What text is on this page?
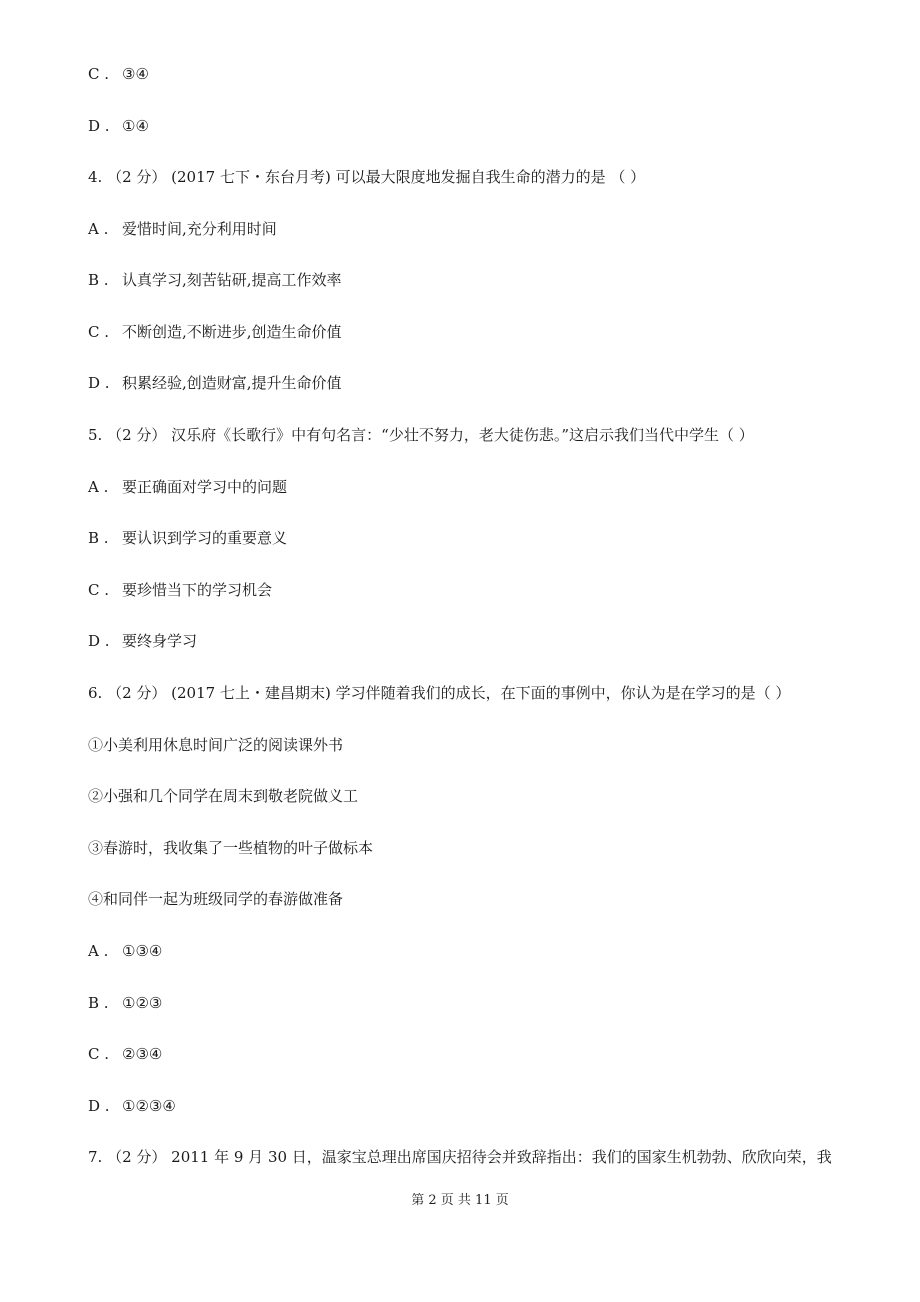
C . ③④
D . ①④
4. （2 分） (2017 七下・东台月考) 可以最大限度地发掘自我生命的潜力的是 （ ）
A . 爱惜时间,充分利用时间
B . 认真学习,刻苦钻研,提高工作效率
C . 不断创造,不断进步,创造生命价值
D . 积累经验,创造财富,提升生命价值
5. （2 分） 汉乐府《长歌行》中有句名言：“少壮不努力，老大徒伤悲。”这启示我们当代中学生（ ）
A . 要正确面对学习中的问题
B . 要认识到学习的重要意义
C . 要珍惜当下的学习机会
D . 要终身学习
6. （2 分） (2017 七上・建昌期末) 学习伴随着我们的成长，在下面的事例中，你认为是在学习的是（ ）
①小美利用休息时间广泛的阅读课外书
②小强和几个同学在周末到敬老院做义工
③春游时，我收集了一些植物的叶子做标本
④和同伴一起为班级同学的春游做准备
A . ①③④
B . ①②③
C . ②③④
D . ①②③④
7. （2 分） 2011 年 9 月 30 日，温家宝总理出席国庆招待会并致辞指出：我们的国家生机勃勃、欣欣向荣，我
第 2 页 共 11 页
